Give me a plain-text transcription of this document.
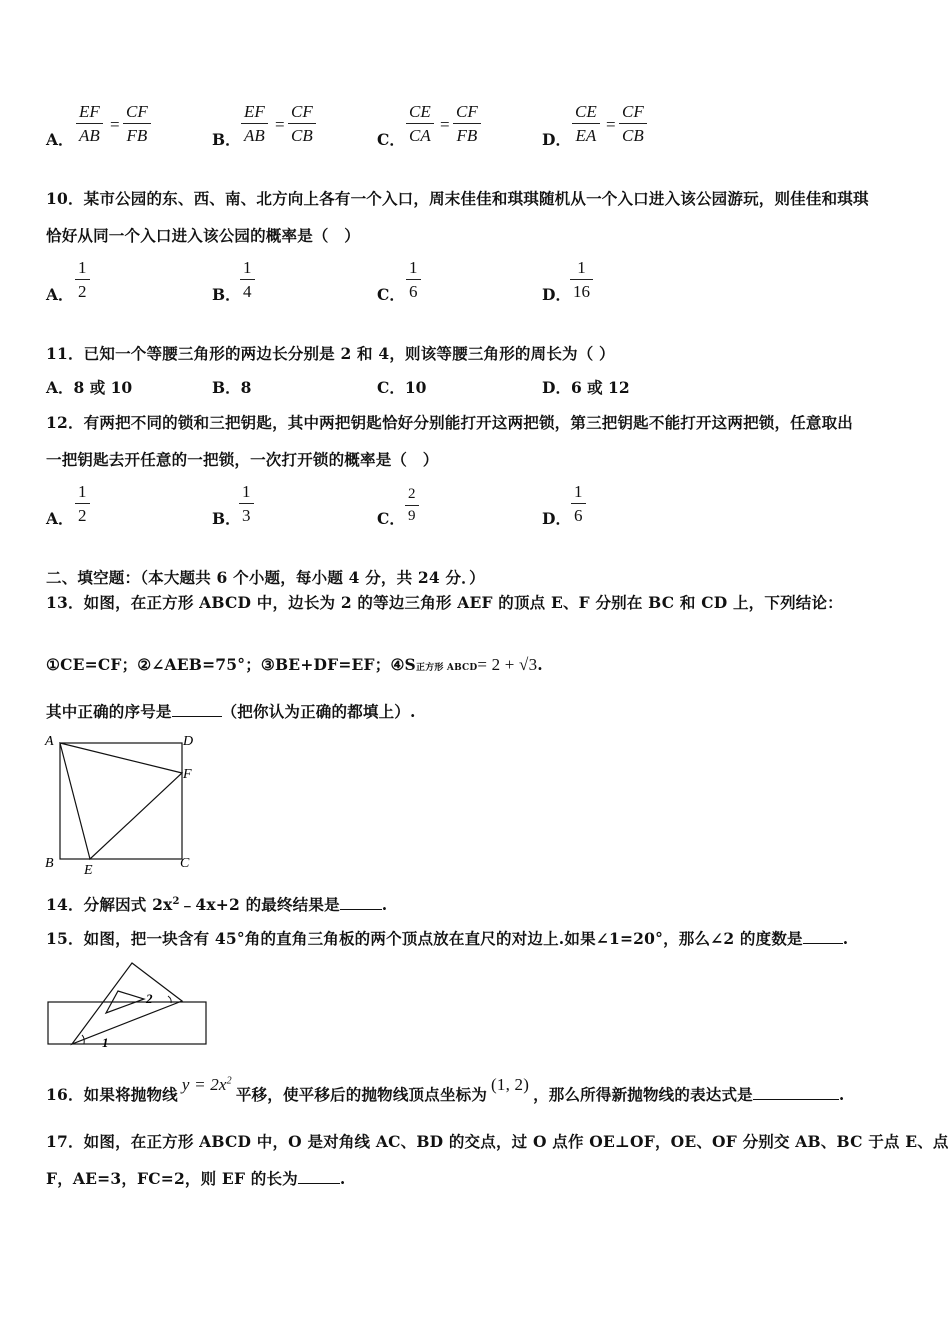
A．
EF
AB
=
CF
FB	B．
EF
AB
=
CF
CB	C．
CE
CA
=
CF
FB	D．
CE
EA
=
CF
CB
10．某市公园的东、西、南、北方向上各有一个入口，周末佳佳和琪琪随机从一个入口进入该公园游玩，则佳佳和琪琪
恰好从同一个入口进入该公园的概率是（　）
A．
1
2	B．
1
4	C．
1
6	D．
1
16
11．已知一个等腰三角形的两边长分别是 2 和 4，则该等腰三角形的周长为（ ）
A．8 或 10	B．8	C．10	D．6 或 12
12．有两把不同的锁和三把钥匙，其中两把钥匙恰好分别能打开这两把锁，第三把钥匙不能打开这两把锁，任意取出
一把钥匙去开任意的一把锁，一次打开锁的概率是（　）
A．
1
2	B．
1
3	C．
2
9	D．
1
6
二、填空题：（本大题共 6 个小题，每小题 4 分，共 24 分．）
13．如图，在正方形 ABCD 中，边长为 2 的等边三角形 AEF 的顶点 E、F 分别在 BC 和 CD 上，下列结论：
①CE=CF；②∠AEB=75°；③BE+DF=EF；④S正方形 ABCD= 2 + √3.
其中正确的序号是	（把你认为正确的都填上）.
A	D
F
B	C
E
14．分解因式 $2x^2﹣4x+2$ 的最终结果是	.
15．如图，把一块含有 45°角的直角三角板的两个顶点放在直尺的对边上.如果∠1=20°，那么∠2 的度数是	.
2
1
16．如果将抛物线$y = 2x^2$平移，使平移后的抛物线顶点坐标为(1, 2)，那么所得新抛物线的表达式是	.
17．如图，在正方形 ABCD 中，O 是对角线 AC、BD 的交点，过 O 点作 OE⊥OF，OE、OF 分别交 AB、BC 于点 E、点
F，AE=3，FC=2，则 EF 的长为	.
